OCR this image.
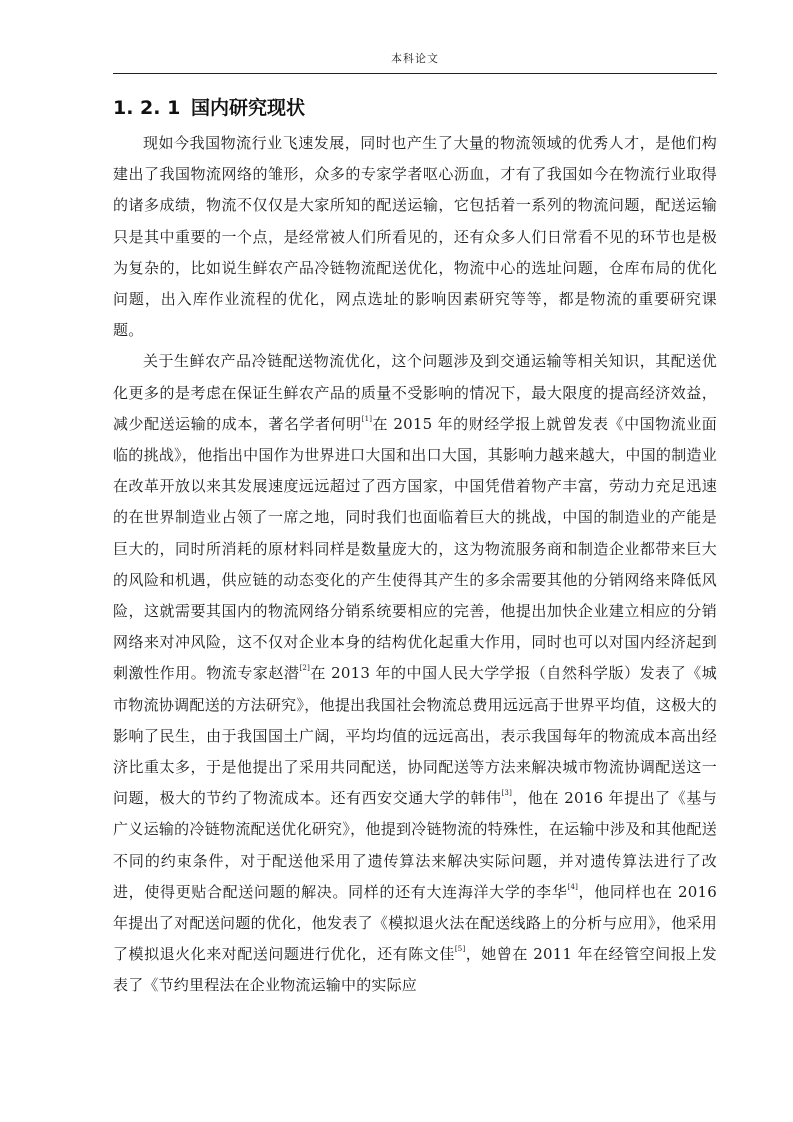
本科论文
1. 2. 1 国内研究现状

现如今我国物流行业飞速发展，同时也产生了大量的物流领域的优秀人才，是他们构建出了我国物流网络的雏形，众多的专家学者呕心沥血，才有了我国如今在物流行业取得的诸多成绩，物流不仅仅是大家所知的配送运输，它包括着一系列的物流问题，配送运输只是其中重要的一个点，是经常被人们所看见的，还有众多人们日常看不见的环节也是极为复杂的，比如说生鲜农产品冷链物流配送优化，物流中心的选址问题，仓库布局的优化问题，出入库作业流程的优化，网点选址的影响因素研究等等，都是物流的重要研究课题。

关于生鲜农产品冷链配送物流优化，这个问题涉及到交通运输等相关知识，其配送优化更多的是考虑在保证生鲜农产品的质量不受影响的情况下，最大限度的提高经济效益，减少配送运输的成本，著名学者何明[1]在 2015 年的财经学报上就曾发表《中国物流业面临的挑战》，他指出中国作为世界进口大国和出口大国，其影响力越来越大，中国的制造业在改革开放以来其发展速度远远超过了西方国家，中国凭借着物产丰富，劳动力充足迅速的在世界制造业占领了一席之地，同时我们也面临着巨大的挑战，中国的制造业的产能是巨大的，同时所消耗的原材料同样是数量庞大的，这为物流服务商和制造企业都带来巨大的风险和机遇，供应链的动态变化的产生使得其产生的多余需要其他的分销网络来降低风险，这就需要其国内的物流网络分销系统要相应的完善，他提出加快企业建立相应的分销网络来对冲风险，这不仅对企业本身的结构优化起重大作用，同时也可以对国内经济起到刺激性作用。物流专家赵潜[2]在 2013 年的中国人民大学学报（自然科学版）发表了《城市物流协调配送的方法研究》，他提出我国社会物流总费用远远高于世界平均值，这极大的影响了民生，由于我国国土广阔，平均均值的远远高出，表示我国每年的物流成本高出经济比重太多，于是他提出了采用共同配送，协同配送等方法来解决城市物流协调配送这一问题，极大的节约了物流成本。还有西安交通大学的韩伟[3]，他在 2016 年提出了《基与广义运输的冷链物流配送优化研究》，他提到冷链物流的特殊性，在运输中涉及和其他配送不同的约束条件，对于配送他采用了遗传算法来解决实际问题，并对遗传算法进行了改进，使得更贴合配送问题的解决。同样的还有大连海洋大学的李华[4]，他同样也在 2016 年提出了对配送问题的优化，他发表了《模拟退火法在配送线路上的分析与应用》，他采用了模拟退火化来对配送问题进行优化，还有陈文佳[5]，她曾在 2011 年在经管空间报上发表了《节约里程法在企业物流运输中的实际应
